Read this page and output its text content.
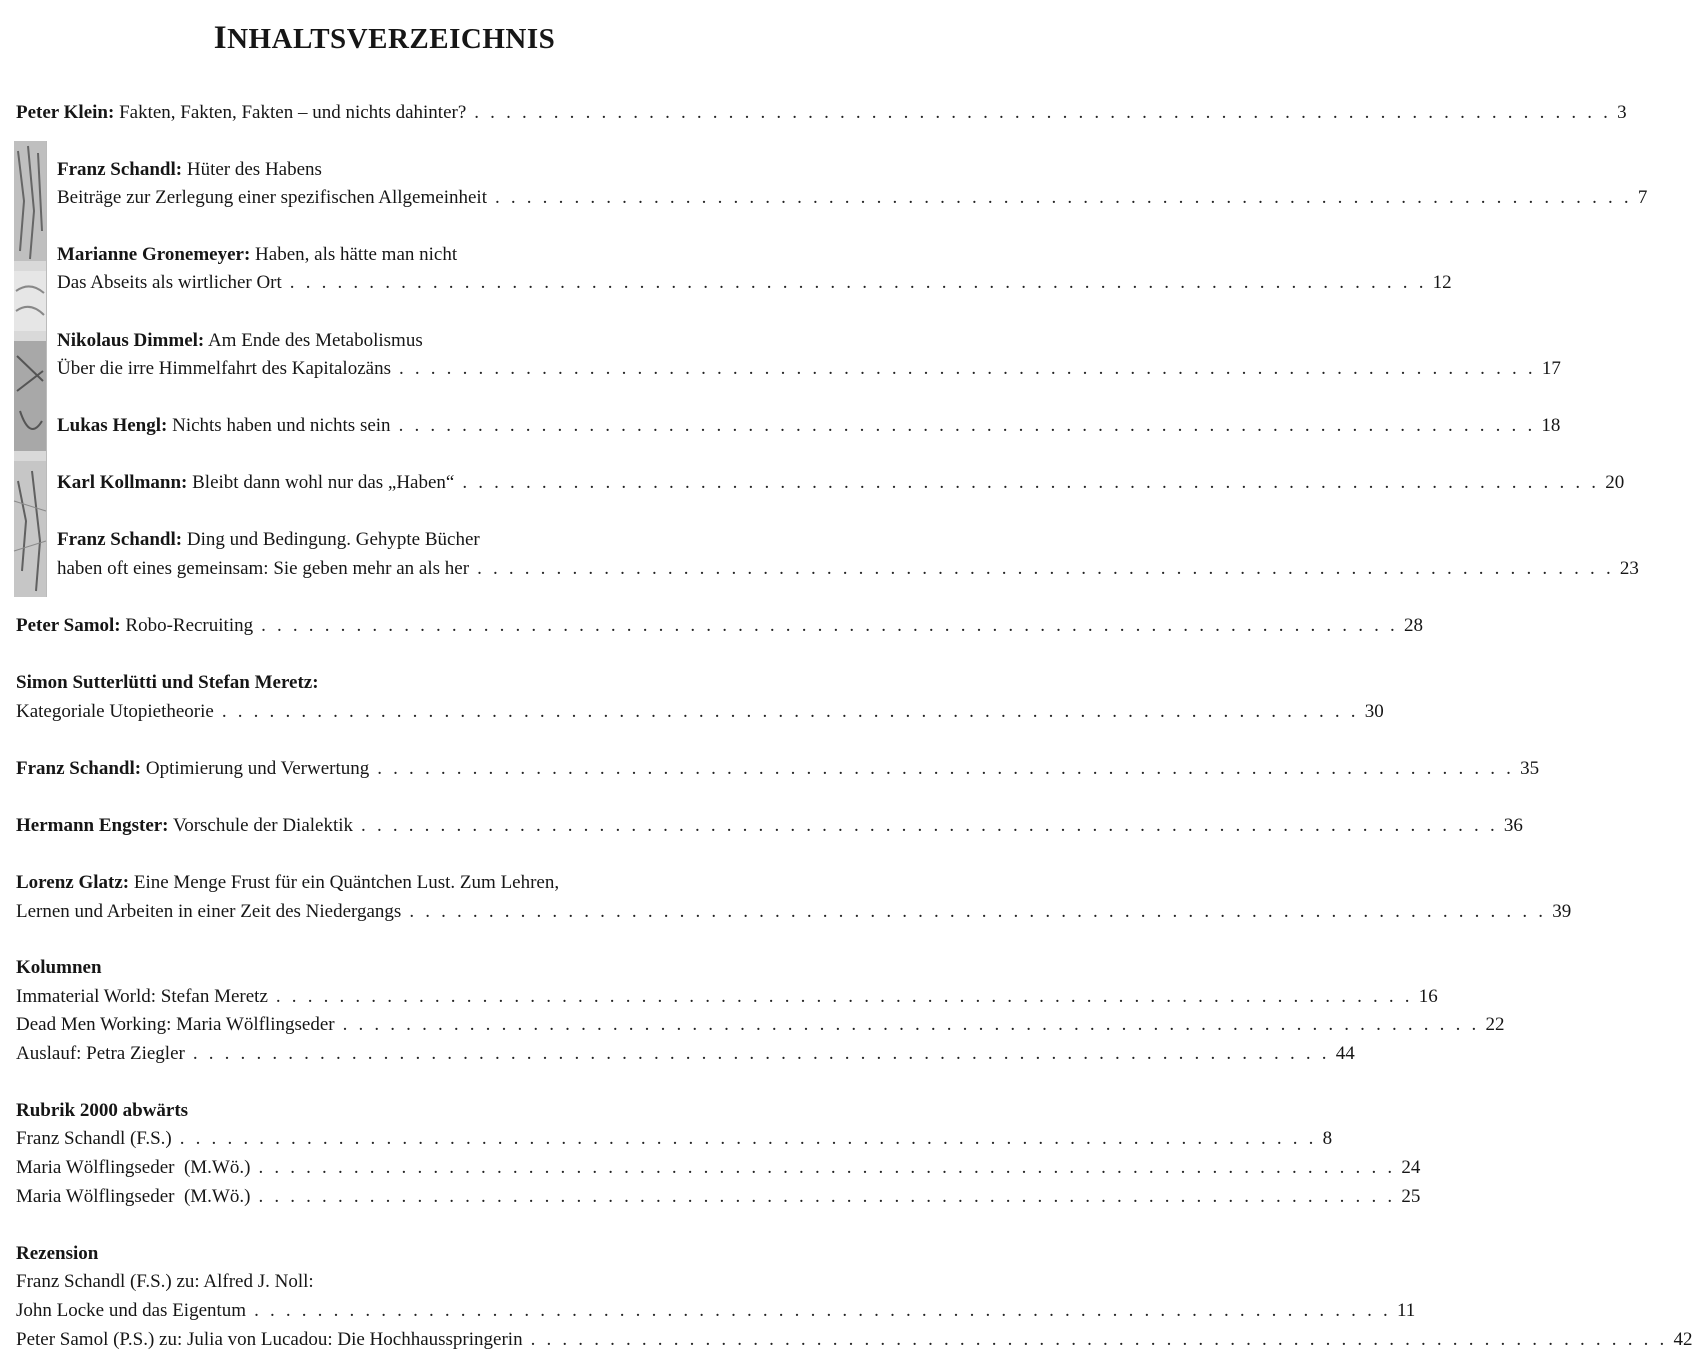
INHALTSVERZEICHNIS
Peter Klein: Fakten, Fakten, Fakten – und nichts dahinter? . . . . . . . . . . . . . . . . . . . . . . . . . . . . . . . . . . . . . . . . . . . . . . . . . . . . . . . . . . . . . . . . . . . . . . . . 3
Franz Schandl: Hüter des Habens
Beiträge zur Zerlegung einer spezifischen Allgemeinheit . . . . . . . . . . . . . . . . . . . . . . . . . . . . . . . . . . . . . . . . . . . . . . . . . . . . . . . . . . . . . . . . . . . . . . . . 7
Marianne Gronemeyer: Haben, als hätte man nicht
Das Abseits als wirtlicher Ort . . . . . . . . . . . . . . . . . . . . . . . . . . . . . . . . . . . . . . . . . . . . . . . . . . . . . . . . . . . . . . . . . . . . . . . . 12
Nikolaus Dimmel: Am Ende des Metabolismus
Über die irre Himmelfahrt des Kapitalozäns . . . . . . . . . . . . . . . . . . . . . . . . . . . . . . . . . . . . . . . . . . . . . . . . . . . . . . . . . . . . . . . . . . . . . . . . 17
Lukas Hengl: Nichts haben und nichts sein . . . . . . . . . . . . . . . . . . . . . . . . . . . . . . . . . . . . . . . . . . . . . . . . . . . . . . . . . . . . . . . . . . . . . . . . 18
Karl Kollmann: Bleibt dann wohl nur das „Haben“ . . . . . . . . . . . . . . . . . . . . . . . . . . . . . . . . . . . . . . . . . . . . . . . . . . . . . . . . . . . . . . . . . . . . . . . . 20
Franz Schandl: Ding und Bedingung. Gehypte Bücher
haben oft eines gemeinsam: Sie geben mehr an als her . . . . . . . . . . . . . . . . . . . . . . . . . . . . . . . . . . . . . . . . . . . . . . . . . . . . . . . . . . . . . . . . . . . . . . . . 23
Peter Samol: Robo-Recruiting . . . . . . . . . . . . . . . . . . . . . . . . . . . . . . . . . . . . . . . . . . . . . . . . . . . . . . . . . . . . . . . . . . . . . . . . 28
Simon Sutterlütti und Stefan Meretz:
Kategoriale Utopietheorie . . . . . . . . . . . . . . . . . . . . . . . . . . . . . . . . . . . . . . . . . . . . . . . . . . . . . . . . . . . . . . . . . . . . . . . . 30
Franz Schandl: Optimierung und Verwertung . . . . . . . . . . . . . . . . . . . . . . . . . . . . . . . . . . . . . . . . . . . . . . . . . . . . . . . . . . . . . . . . . . . . . . . . 35
Hermann Engster: Vorschule der Dialektik . . . . . . . . . . . . . . . . . . . . . . . . . . . . . . . . . . . . . . . . . . . . . . . . . . . . . . . . . . . . . . . . . . . . . . . . 36
Lorenz Glatz: Eine Menge Frust für ein Quäntchen Lust. Zum Lehren,
Lernen und Arbeiten in einer Zeit des Niedergangs . . . . . . . . . . . . . . . . . . . . . . . . . . . . . . . . . . . . . . . . . . . . . . . . . . . . . . . . . . . . . . . . . . . . . . . . 39
Kolumnen
Immaterial World: Stefan Meretz . . . . . . . . . . . . . . . . . . . . . . . . . . . . . . . . . . . . . . . . . . . . . . . . . . . . . . . . . . . . . . . . . . . . . . . . 16
Dead Men Working: Maria Wölflingseder . . . . . . . . . . . . . . . . . . . . . . . . . . . . . . . . . . . . . . . . . . . . . . . . . . . . . . . . . . . . . . . . . . . . . . . . 22
Auslauf: Petra Ziegler . . . . . . . . . . . . . . . . . . . . . . . . . . . . . . . . . . . . . . . . . . . . . . . . . . . . . . . . . . . . . . . . . . . . . . . . 44
Rubrik 2000 abwärts
Franz Schandl (F.S.) . . . . . . . . . . . . . . . . . . . . . . . . . . . . . . . . . . . . . . . . . . . . . . . . . . . . . . . . . . . . . . . . . . . . . . . . 8
Maria Wölflingseder  (M.Wö.) . . . . . . . . . . . . . . . . . . . . . . . . . . . . . . . . . . . . . . . . . . . . . . . . . . . . . . . . . . . . . . . . . . . . . . . . 24
Maria Wölflingseder  (M.Wö.) . . . . . . . . . . . . . . . . . . . . . . . . . . . . . . . . . . . . . . . . . . . . . . . . . . . . . . . . . . . . . . . . . . . . . . . . 25
Rezension
Franz Schandl (F.S.) zu: Alfred J. Noll:
John Locke und das Eigentum . . . . . . . . . . . . . . . . . . . . . . . . . . . . . . . . . . . . . . . . . . . . . . . . . . . . . . . . . . . . . . . . . . . . . . . . 11
Peter Samol (P.S.) zu: Julia von Lucadou: Die Hochhausspringerin . . . . . . . . . . . . . . . . . . . . . . . . . . . . . . . . . . . . . . . . . . . . . . . . . . . . . . . . . . . . . . . . . . . . . . . . 42
